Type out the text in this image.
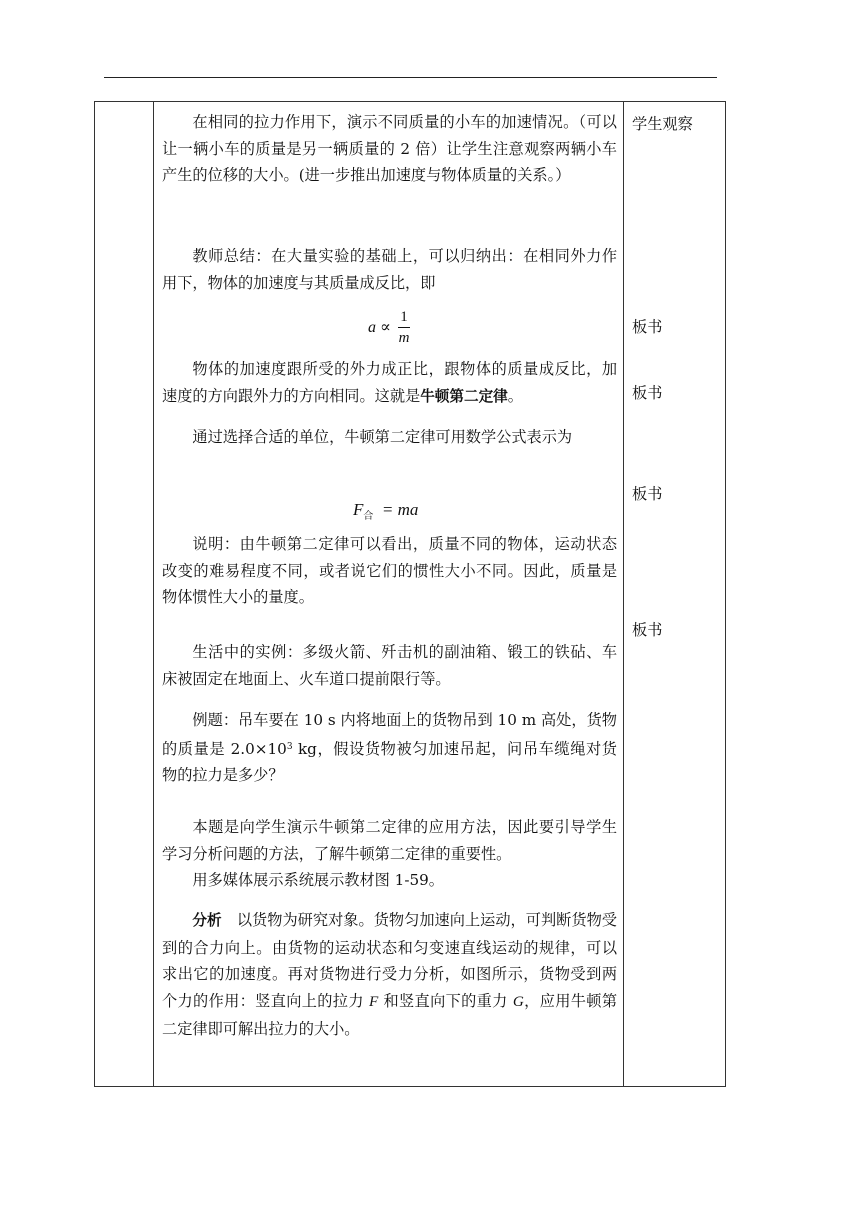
在相同的拉力作用下，演示不同质量的小车的加速情况。（可以让一辆小车的质量是另一辆质量的 2 倍）让学生注意观察两辆小车产生的位移的大小。(进一步推出加速度与物体质量的关系。）
教师总结：在大量实验的基础上，可以归纳出：在相同外力作用下，物体的加速度与其质量成反比，即
a ∝
1
m
物体的加速度跟所受的外力成正比，跟物体的质量成反比，加速度的方向跟外力的方向相同。这就是牛顿第二定律。
通过选择合适的单位，牛顿第二定律可用数学公式表示为
$F_合$ = ma
说明：由牛顿第二定律可以看出，质量不同的物体，运动状态改变的难易程度不同，或者说它们的惯性大小不同。因此，质量是物体惯性大小的量度。
生活中的实例：多级火箭、歼击机的副油箱、锻工的铁砧、车床被固定在地面上、火车道口提前限行等。
例题：吊车要在 10 s 内将地面上的货物吊到 10 m 高处，货物的质量是 $2.0\times 10^3$ kg，假设货物被匀加速吊起，问吊车缆绳对货物的拉力是多少？
本题是向学生演示牛顿第二定律的应用方法，因此要引导学生学习分析问题的方法，了解牛顿第二定律的重要性。
用多媒体展示系统展示教材图 1-59。
分析　以货物为研究对象。货物匀加速向上运动，可判断货物受到的合力向上。由货物的运动状态和匀变速直线运动的规律，可以求出它的加速度。再对货物进行受力分析，如图所示，货物受到两个力的作用：竖直向上的拉力 F 和竖直向下的重力 G，应用牛顿第二定律即可解出拉力的大小。

学生观察
板书
板书
板书
板书
